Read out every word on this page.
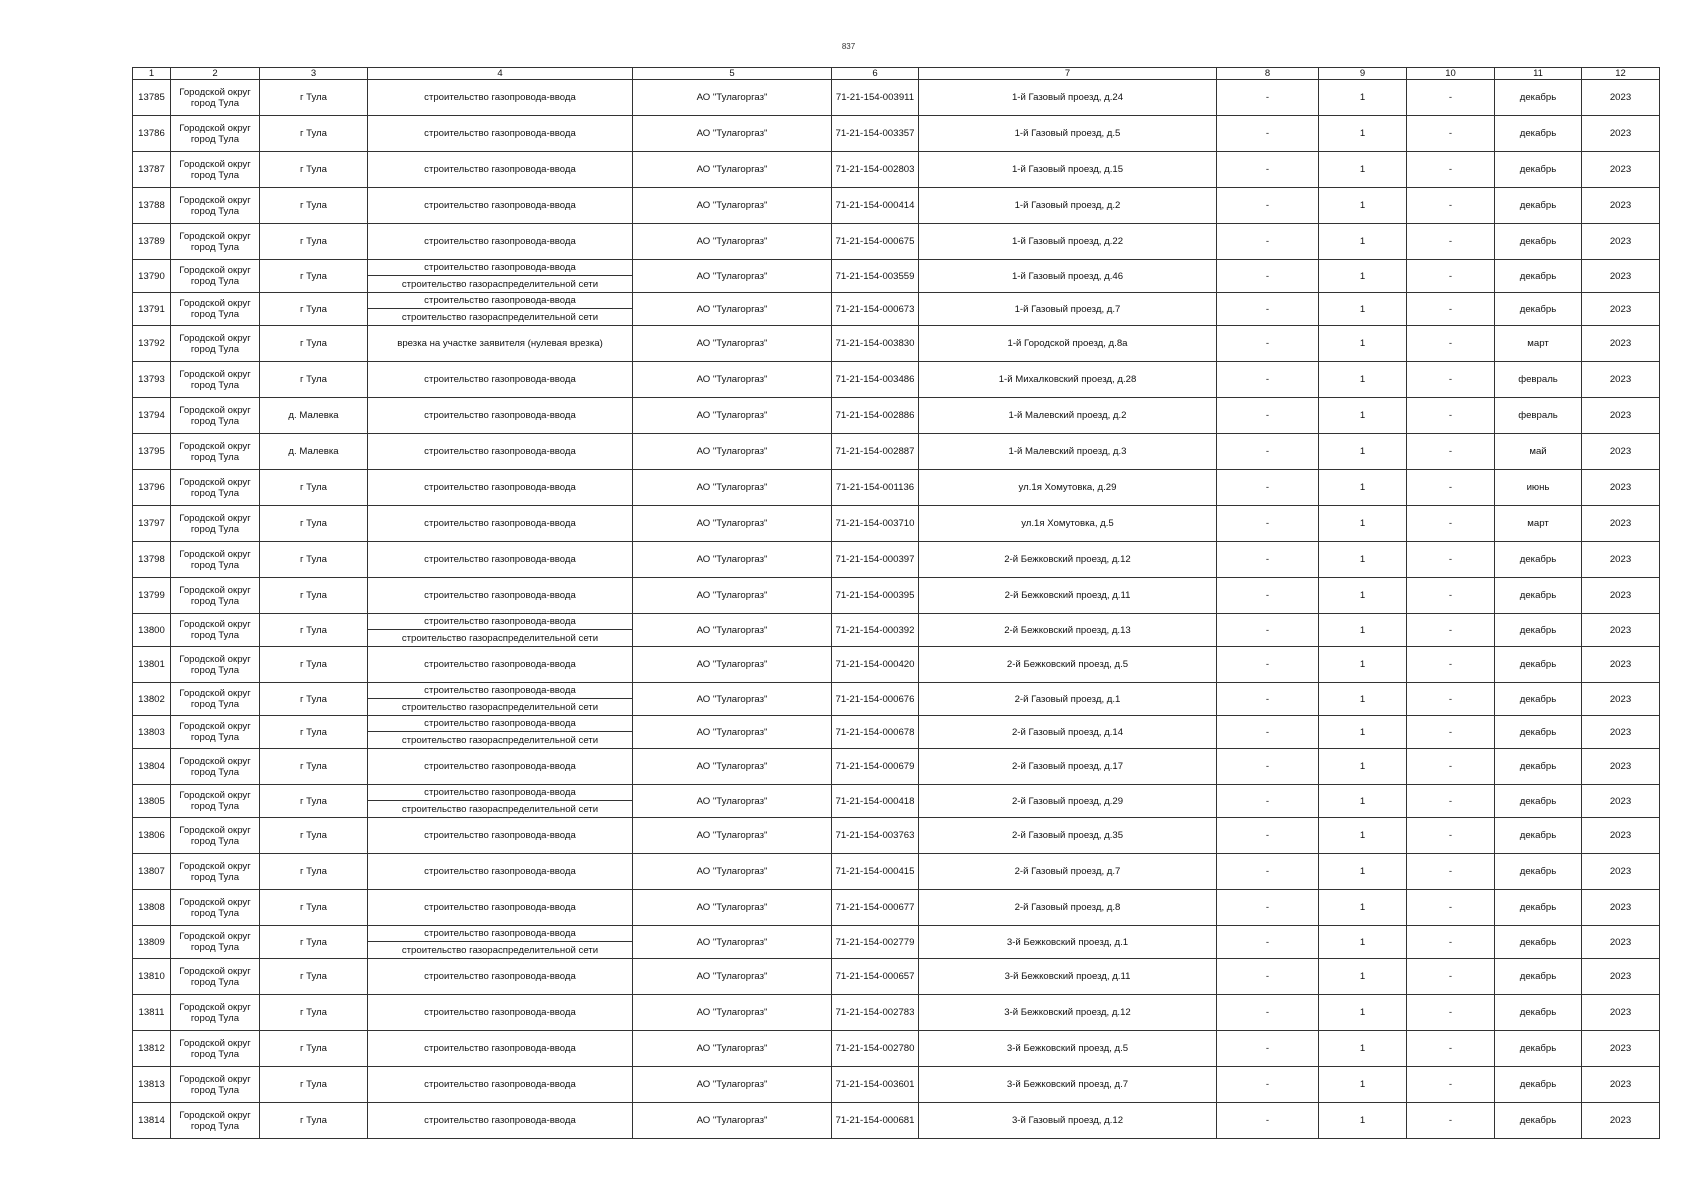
837
1	2	3	4	5	6	7	8	9	10	11	12
13785	Городской округ город Тула	г Тула	строительство газопровода-ввода	АО "Тулагоргаз"	71-21-154-003911	1-й Газовый проезд, д.24	-	1	-	декабрь	2023
13786	Городской округ город Тула	г Тула	строительство газопровода-ввода	АО "Тулагоргаз"	71-21-154-003357	1-й Газовый проезд, д.5	-	1	-	декабрь	2023
13787	Городской округ город Тула	г Тула	строительство газопровода-ввода	АО "Тулагоргаз"	71-21-154-002803	1-й Газовый проезд, д.15	-	1	-	декабрь	2023
13788	Городской округ город Тула	г Тула	строительство газопровода-ввода	АО "Тулагоргаз"	71-21-154-000414	1-й Газовый проезд, д.2	-	1	-	декабрь	2023
13789	Городской округ город Тула	г Тула	строительство газопровода-ввода	АО "Тулагоргаз"	71-21-154-000675	1-й Газовый проезд, д.22	-	1	-	декабрь	2023
13790	Городской округ город Тула	г Тула	строительство газопровода-ввода	АО "Тулагоргаз"	71-21-154-003559	1-й Газовый проезд, д.46	-	1	-	декабрь	2023
			строительство газораспределительной сети								
13791	Городской округ город Тула	г Тула	строительство газопровода-ввода	АО "Тулагоргаз"	71-21-154-000673	1-й Газовый проезд, д.7	-	1	-	декабрь	2023
			строительство газораспределительной сети								
13792	Городской округ город Тула	г Тула	врезка на участке заявителя (нулевая врезка)	АО "Тулагоргаз"	71-21-154-003830	1-й Городской проезд, д.8а	-	1	-	март	2023
13793	Городской округ город Тула	г Тула	строительство газопровода-ввода	АО "Тулагоргаз"	71-21-154-003486	1-й Михалковский проезд, д.28	-	1	-	февраль	2023
13794	Городской округ город Тула	д. Малевка	строительство газопровода-ввода	АО "Тулагоргаз"	71-21-154-002886	1-й Малевский проезд, д.2	-	1	-	февраль	2023
13795	Городской округ город Тула	д. Малевка	строительство газопровода-ввода	АО "Тулагоргаз"	71-21-154-002887	1-й Малевский проезд, д.3	-	1	-	май	2023
13796	Городской округ город Тула	г Тула	строительство газопровода-ввода	АО "Тулагоргаз"	71-21-154-001136	ул.1я Хомутовка, д.29	-	1	-	июнь	2023
13797	Городской округ город Тула	г Тула	строительство газопровода-ввода	АО "Тулагоргаз"	71-21-154-003710	ул.1я Хомутовка, д.5	-	1	-	март	2023
13798	Городской округ город Тула	г Тула	строительство газопровода-ввода	АО "Тулагоргаз"	71-21-154-000397	2-й Бежковский проезд, д.12	-	1	-	декабрь	2023
13799	Городской округ город Тула	г Тула	строительство газопровода-ввода	АО "Тулагоргаз"	71-21-154-000395	2-й Бежковский проезд, д.11	-	1	-	декабрь	2023
13800	Городской округ город Тула	г Тула	строительство газопровода-ввода	АО "Тулагоргаз"	71-21-154-000392	2-й Бежковский проезд, д.13	-	1	-	декабрь	2023
			строительство газораспределительной сети								
13801	Городской округ город Тула	г Тула	строительство газопровода-ввода	АО "Тулагоргаз"	71-21-154-000420	2-й Бежковский проезд, д.5	-	1	-	декабрь	2023
13802	Городской округ город Тула	г Тула	строительство газопровода-ввода	АО "Тулагоргаз"	71-21-154-000676	2-й Газовый проезд, д.1	-	1	-	декабрь	2023
			строительство газораспределительной сети								
13803	Городской округ город Тула	г Тула	строительство газопровода-ввода	АО "Тулагоргаз"	71-21-154-000678	2-й Газовый проезд, д.14	-	1	-	декабрь	2023
			строительство газораспределительной сети								
13804	Городской округ город Тула	г Тула	строительство газопровода-ввода	АО "Тулагоргаз"	71-21-154-000679	2-й Газовый проезд, д.17	-	1	-	декабрь	2023
13805	Городской округ город Тула	г Тула	строительство газопровода-ввода	АО "Тулагоргаз"	71-21-154-000418	2-й Газовый проезд, д.29	-	1	-	декабрь	2023
			строительство газораспределительной сети								
13806	Городской округ город Тула	г Тула	строительство газопровода-ввода	АО "Тулагоргаз"	71-21-154-003763	2-й Газовый проезд, д.35	-	1	-	декабрь	2023
13807	Городской округ город Тула	г Тула	строительство газопровода-ввода	АО "Тулагоргаз"	71-21-154-000415	2-й Газовый проезд, д.7	-	1	-	декабрь	2023
13808	Городской округ город Тула	г Тула	строительство газопровода-ввода	АО "Тулагоргаз"	71-21-154-000677	2-й Газовый проезд, д.8	-	1	-	декабрь	2023
13809	Городской округ город Тула	г Тула	строительство газопровода-ввода	АО "Тулагоргаз"	71-21-154-002779	3-й Бежковский проезд, д.1	-	1	-	декабрь	2023
			строительство газораспределительной сети								
13810	Городской округ город Тула	г Тула	строительство газопровода-ввода	АО "Тулагоргаз"	71-21-154-000657	3-й Бежковский проезд, д.11	-	1	-	декабрь	2023
13811	Городской округ город Тула	г Тула	строительство газопровода-ввода	АО "Тулагоргаз"	71-21-154-002783	3-й Бежковский проезд, д.12	-	1	-	декабрь	2023
13812	Городской округ город Тула	г Тула	строительство газопровода-ввода	АО "Тулагоргаз"	71-21-154-002780	3-й Бежковский проезд, д.5	-	1	-	декабрь	2023
13813	Городской округ город Тула	г Тула	строительство газопровода-ввода	АО "Тулагоргаз"	71-21-154-003601	3-й Бежковский проезд, д.7	-	1	-	декабрь	2023
13814	Городской округ город Тула	г Тула	строительство газопровода-ввода	АО "Тулагоргаз"	71-21-154-000681	3-й Газовый проезд, д.12	-	1	-	декабрь	2023
